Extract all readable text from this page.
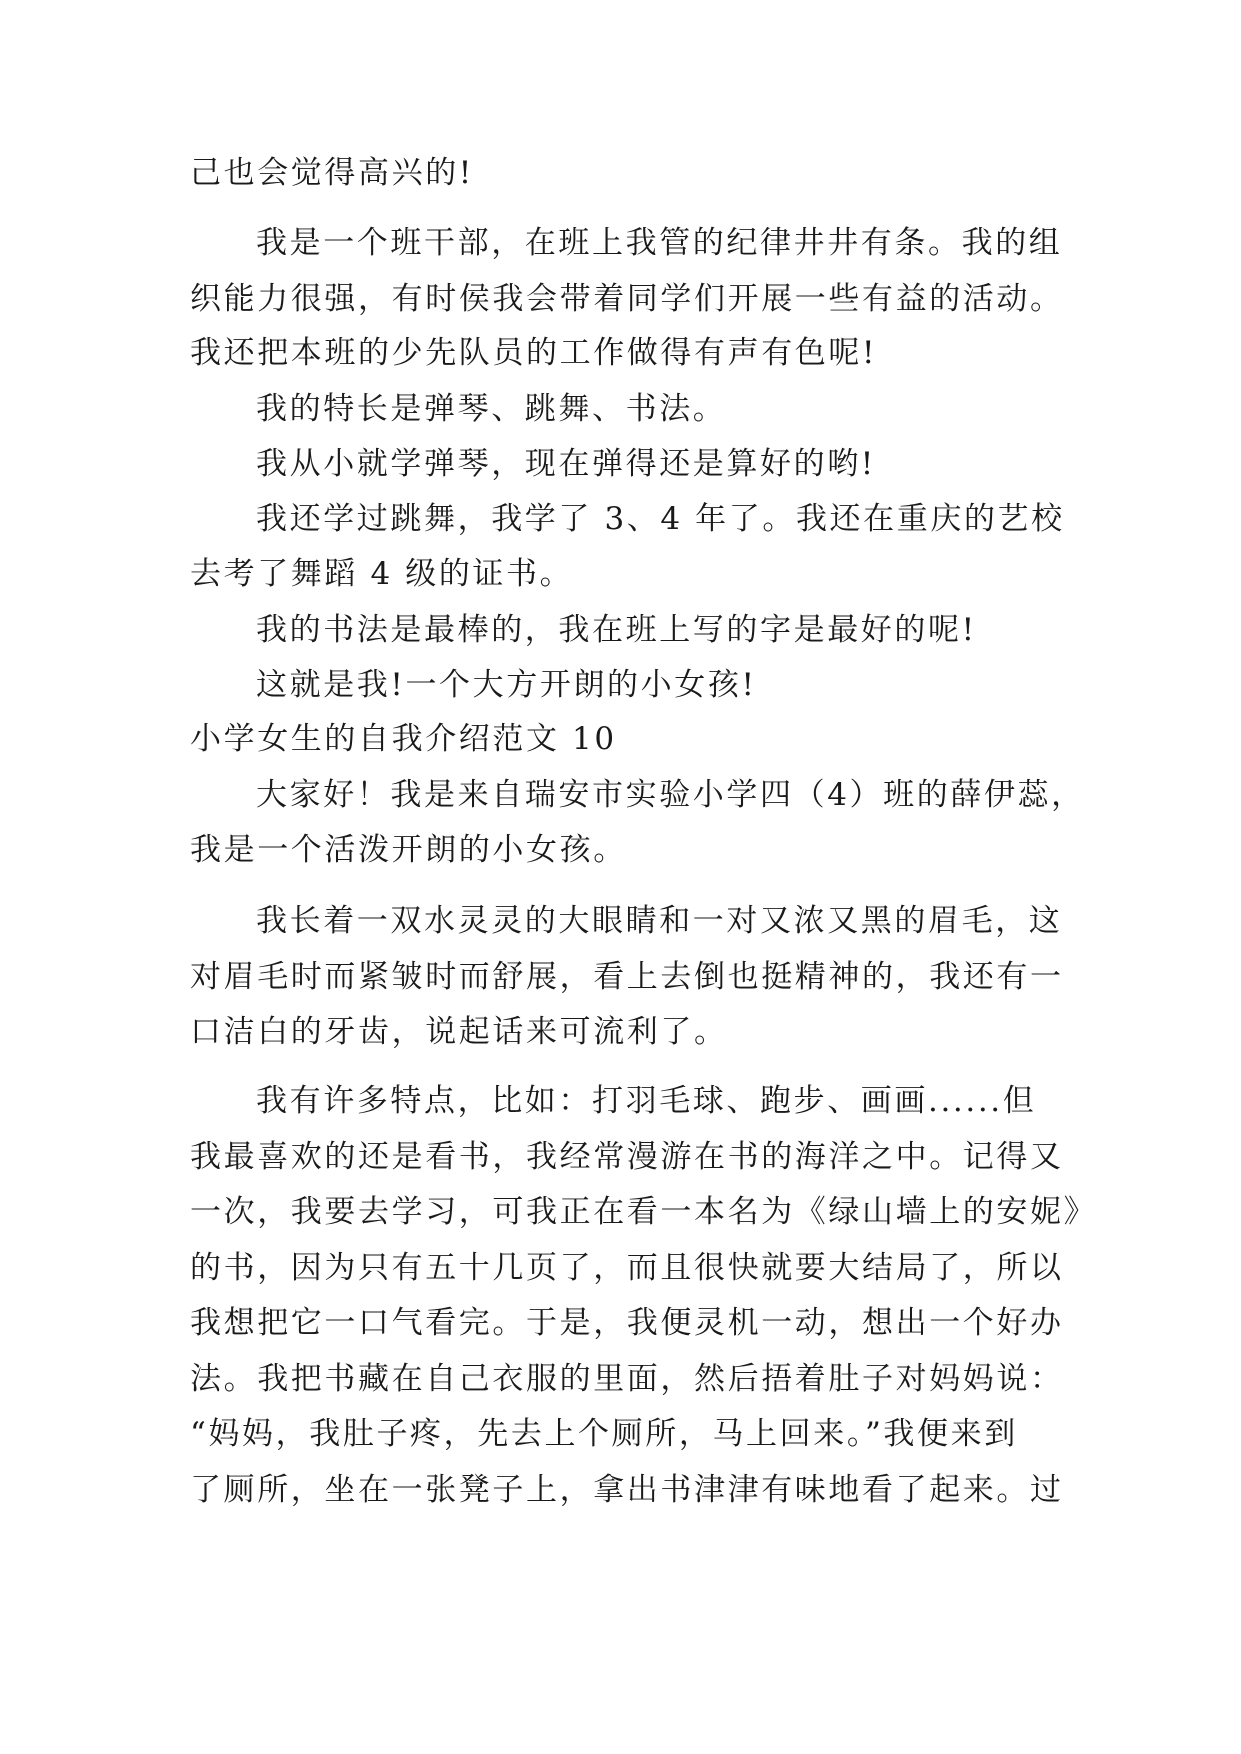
己也会觉得高兴的!

我是一个班干部，在班上我管的纪律井井有条。我的组

织能力很强，有时侯我会带着同学们开展一些有益的活动。

我还把本班的少先队员的工作做得有声有色呢!

我的特长是弹琴、跳舞、书法。

我从小就学弹琴，现在弹得还是算好的哟!

我还学过跳舞，我学了 3、4 年了。我还在重庆的艺校

去考了舞蹈 4 级的证书。

我的书法是最棒的，我在班上写的字是最好的呢!

这就是我!一个大方开朗的小女孩!

小学女生的自我介绍范文 10

大家好！我是来自瑞安市实验小学四（4）班的薛伊蕊，

我是一个活泼开朗的小女孩。

我长着一双水灵灵的大眼睛和一对又浓又黑的眉毛，这

对眉毛时而紧皱时而舒展，看上去倒也挺精神的，我还有一

口洁白的牙齿，说起话来可流利了。

我有许多特点，比如：打羽毛球、跑步、画画......但

我最喜欢的还是看书，我经常漫游在书的海洋之中。记得又

一次，我要去学习，可我正在看一本名为《绿山墙上的安妮》

的书，因为只有五十几页了，而且很快就要大结局了，所以

我想把它一口气看完。于是，我便灵机一动，想出一个好办

法。我把书藏在自己衣服的里面，然后捂着肚子对妈妈说：

“妈妈，我肚子疼，先去上个厕所，马上回来。”我便来到

了厕所，坐在一张凳子上，拿出书津津有味地看了起来。过
